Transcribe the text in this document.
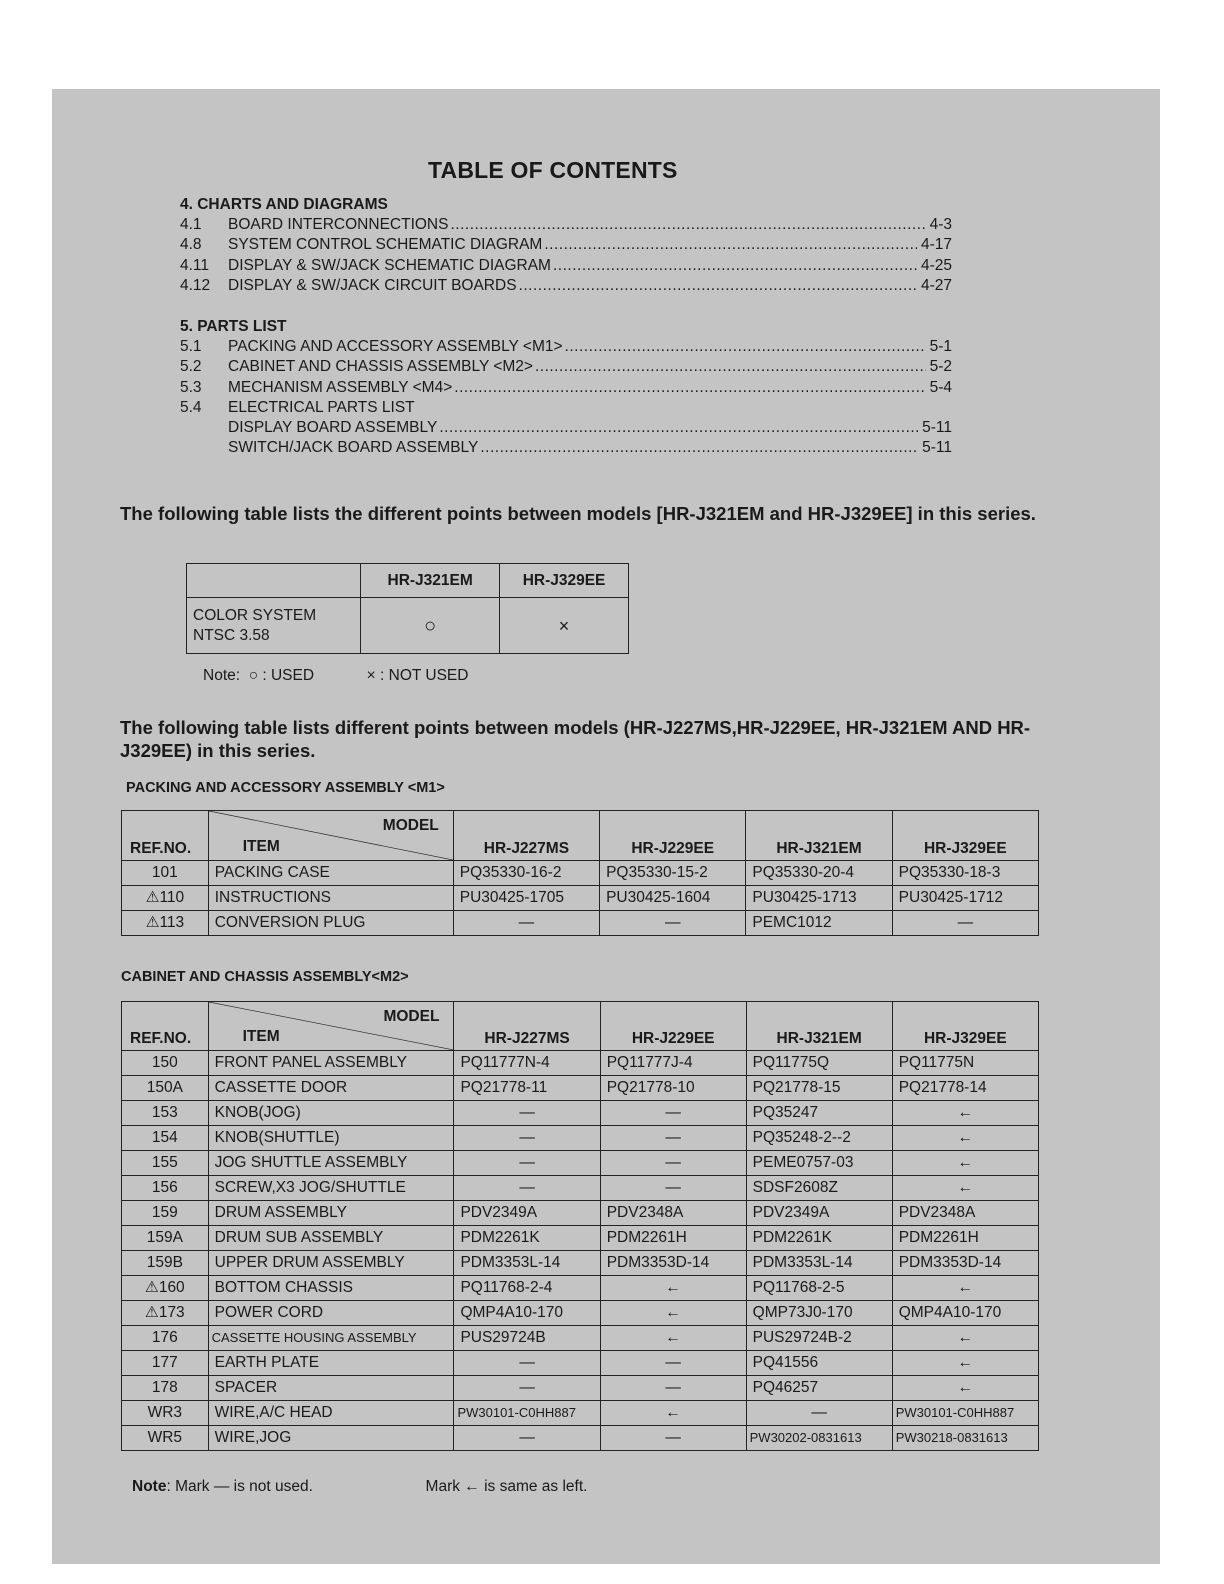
TABLE OF CONTENTS
4. CHARTS AND DIAGRAMS
4.1	BOARD INTERCONNECTIONS .....	4-3
4.8	SYSTEM CONTROL SCHEMATIC DIAGRAM .....	4-17
4.11	DISPLAY & SW/JACK SCHEMATIC DIAGRAM .....	4-25
4.12	DISPLAY & SW/JACK CIRCUIT BOARDS .....	4-27
5. PARTS LIST
5.1	PACKING AND ACCESSORY ASSEMBLY <M1> .....	5-1
5.2	CABINET AND CHASSIS ASSEMBLY <M2> .....	5-2
5.3	MECHANISM ASSEMBLY <M4> .....	5-4
5.4	ELECTRICAL PARTS LIST
DISPLAY BOARD ASSEMBLY .....	5-11
SWITCH/JACK BOARD ASSEMBLY .....	5-11
The following table lists the different points between models [HR-J321EM and HR-J329EE] in this series.
	HR-J321EM	HR-J329EE

COLOR SYSTEM
NTSC 3.58	○	×
Note: ○ : USED	× : NOT USED
The following table lists different points between models (HR-J227MS,HR-J229EE, HR-J321EM AND HR-J329EE) in this series.
PACKING AND ACCESSORY ASSEMBLY <M1>
REF.NO.	MODEL
ITEM	HR-J227MS	HR-J229EE	HR-J321EM	HR-J329EE
101	PACKING CASE	PQ35330-16-2	PQ35330-15-2	PQ35330-20-4	PQ35330-18-3
⚠110	INSTRUCTIONS	PU30425-1705	PU30425-1604	PU30425-1713	PU30425-1712
⚠113	CONVERSION PLUG	—	—	PEMC1012	—
CABINET AND CHASSIS ASSEMBLY<M2>
REF.NO.	MODEL
ITEM	HR-J227MS	HR-J229EE	HR-J321EM	HR-J329EE
150	FRONT PANEL ASSEMBLY	PQ11777N-4	PQ11777J-4	PQ11775Q	PQ11775N
150A	CASSETTE DOOR	PQ21778-11	PQ21778-10	PQ21778-15	PQ21778-14
153	KNOB(JOG)	—	—	PQ35247	←
154	KNOB(SHUTTLE)	—	—	PQ35248-2--2	←
155	JOG SHUTTLE ASSEMBLY	—	—	PEME0757-03	←
156	SCREW,X3 JOG/SHUTTLE	—	—	SDSF2608Z	←
159	DRUM ASSEMBLY	PDV2349A	PDV2348A	PDV2349A	PDV2348A
159A	DRUM SUB ASSEMBLY	PDM2261K	PDM2261H	PDM2261K	PDM2261H
159B	UPPER DRUM ASSEMBLY	PDM3353L-14	PDM3353D-14	PDM3353L-14	PDM3353D-14
⚠160	BOTTOM CHASSIS	PQ11768-2-4	←	PQ11768-2-5	←
⚠173	POWER CORD	QMP4A10-170	←	QMP73J0-170	QMP4A10-170
176	CASSETTE HOUSING ASSEMBLY	PUS29724B	←	PUS29724B-2	←
177	EARTH PLATE	—	—	PQ41556	←
178	SPACER	—	—	PQ46257	←
WR3	WIRE,A/C HEAD	PW30101-C0HH887	←	—	PW30101-C0HH887
WR5	WIRE,JOG	—	—	PW30202-0831613	PW30218-0831613
Note: Mark — is not used.	Mark ← is same as left.
